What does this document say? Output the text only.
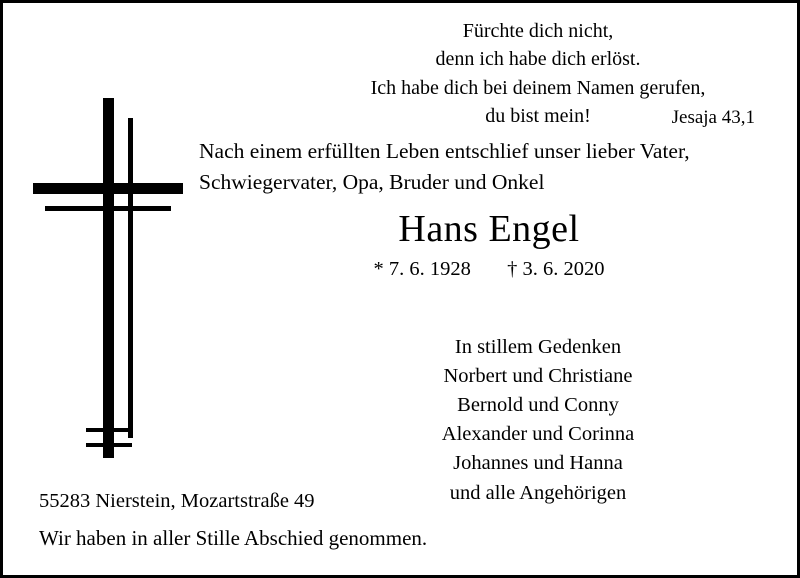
Fürchte dich nicht,
denn ich habe dich erlöst.
Ich habe dich bei deinem Namen gerufen,
du bist mein!	Jesaja 43,1
Nach einem erfüllten Leben entschlief unser lieber Vater,
Schwiegervater, Opa, Bruder und Onkel
Hans Engel
* 7. 6. 1928 † 3. 6. 2020
In stillem Gedenken
Norbert und Christiane
Bernold und Conny
Alexander und Corinna
Johannes und Hanna
und alle Angehörigen
55283 Nierstein, Mozartstraße 49
Wir haben in aller Stille Abschied genommen.
